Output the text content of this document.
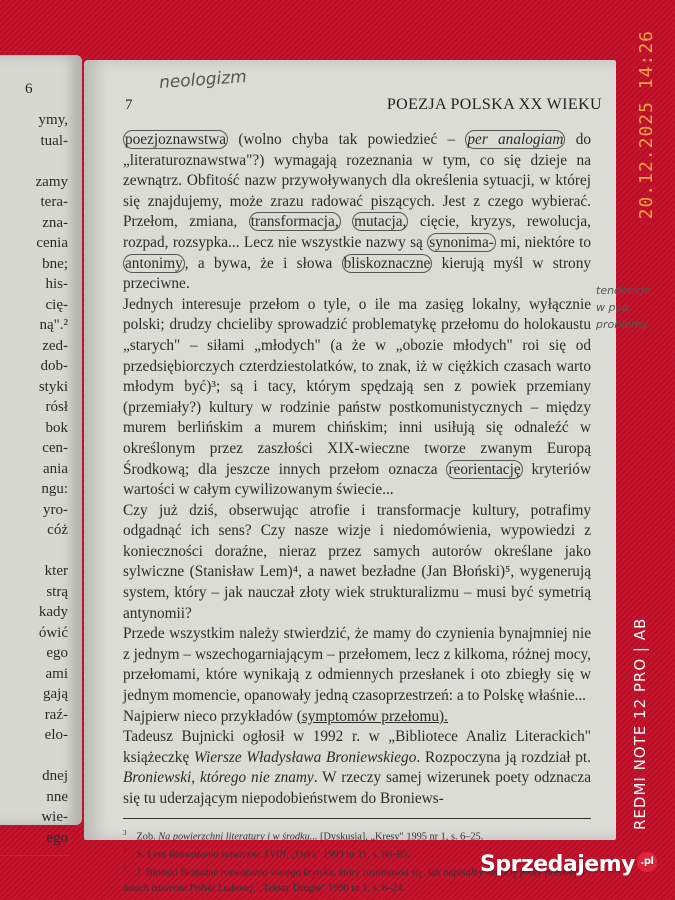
6
ymy,
tual-
zamy
tera-
zna-
cenia
bne;
his-
cię-
ną".²
zed-
dob-
styki
rósł
bok
cen-
ania
ngu:
yro-
cóż
kter
strą
kady
ówić
ego
ami
gają
raź-
elo-
dnej
nne
wie-
ego
7	POEZJA POLSKA XX WIEKU

poezjoznawstwa (wolno chyba tak powiedzieć – per analogiam do „literaturoznawstwa"?) wymagają rozeznania w tym, co się dzieje na zewnątrz. Obfitość nazw przywoływanych dla określenia sytuacji, w której się znajdujemy, może zrazu radować piszących. Jest z czego wybierać. Przełom, zmiana, transformacja, mutacja, cięcie, kryzys, rewolucja, rozpad, rozsypka... Lecz nie wszystkie nazwy są synonima- mi, niektóre to antonimy , a bywa, że i słowa bliskoznaczne kierują myśl w strony przeciwne.

Jednych interesuje przełom o tyle, o ile ma zasięg lokalny, wyłącznie polski; drudzy chcieliby sprowadzić problematykę przełomu do holokaustu „starych" – siłami „młodych" (a że w „obozie młodych" roi się od przedsiębiorczych czterdziestolatków, to znak, iż w ciężkich czasach warto młodym być)³; są i tacy, którym spędzają sen z powiek przemiany (przemiały?) kultury w rodzinie państw postkomunistycznych – między murem berlińskim a murem chińskim; inni usiłują się odnaleźć w określonym przez zaszłości XIX-wieczne tworze zwanym Europą Środkową; dla jeszcze innych przełom oznacza reorientację kryteriów wartości w całym cywilizowanym świecie...

Czy już dziś, obserwując atrofie i transformacje kultury, potrafimy odgadnąć ich sens? Czy nasze wizje i niedomówienia, wypowiedzi z konieczności doraźne, nieraz przez samych autorów określane jako sylwiczne (Stanisław Lem)⁴, a nawet bezładne (Jan Błoński)⁵, wygenerują system, który – jak nauczał złoty wiek strukturalizmu – musi być symetrią antynomii?

Przede wszystkim należy stwierdzić, że mamy do czynienia bynajmniej nie z jednym – wszechogarniającym – przełomem, lecz z kilkoma, różnej mocy, przełomami, które wynikają z odmiennych przesłanek i oto zbiegły się w jednym momencie, opanowały jedną czasoprzestrzeń: a to Polskę właśnie...

Najpierw nieco przykładów (symptomów przełomu).

Tadeusz Bujnicki ogłosił w 1992 r. w „Bibliotece Analiz Literackich" książeczkę Wiersze Władysława Broniewskiego. Rozpoczyna ją rozdział pt. Broniewski, którego nie znamy. W rzeczy samej wizerunek poety odznacza się tu uderzającym niepodobieństwem do Broniews-

$^3$ Zob. Na powierzchni literatury i w środku... [Dyskusja], „Kresy" 1995 nr 1, s. 6–25.
$^4$ S. Lem Rozważania sylwiczne XVIII, „Odra" 1993 nr 11, s. 80–85.
$^5$ J. Błoński Bezładne rozważania starego krytyka, który zastanawia się, jak napisałby historię prozy polskiej w latach istnienia Polski Ludowej, „Teksty Drugie" 1990 nr 1, s. 6–24.
neologizm
tendencje
w pop
problemy
20.12.2025 14:26
REDMI NOTE 12 PRO | AB
Sprzedajemy .pl
